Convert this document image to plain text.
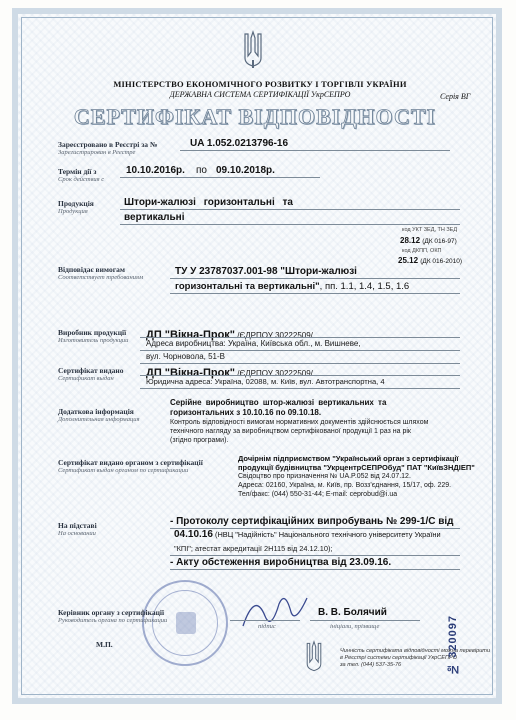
МІНІСТЕРСТВО ЕКОНОМІЧНОГО РОЗВИТКУ І ТОРГІВЛІ УКРАЇНИ
ДЕРЖАВНА СИСТЕМА СЕРТИФІКАЦІЇ УкрСЕПРО	Серія ВГ
СЕРТИФІКАТ ВІДПОВІДНОСТІ
Зареєстровано в Реєстрі за №
Зарегистрирован в Реестре
UA 1.052.0213796-16
Термін дії з
Срок действия с
10.10.2016р. по 09.10.2018р.
Продукція
Продукция
Штори-жалюзі горизонтальні та
вертикальні
код УКТ ЗЕД, ТН ЗЕД
28.12 (ДК 016-97)
код ДКПП, ОКП
25.12 (ДК 016-2010)
Відповідає вимогам
Соответствует требованиям
ТУ У 23787037.001-98 "Штори-жалюзі
горизонтальні та вертикальні", пп. 1.1, 1.4, 1.5, 1.6
Виробник продукції
Изготовитель продукции ДП "Вікна-Прок" /ЄДРПОУ 30222509/
Адреса виробництва: Україна, Київська обл., м. Вишневе,
вул. Чорновола, 51-В
Сертифікат видано
Сертификат выдан	ДП "Вікна-Прок" /ЄДРПОУ 30222509/
Юридична адреса: Україна, 02088, м. Київ, вул. Автотранспортна, 4
Додаткова інформація
Дополнительная информация
Серійне виробництво штор-жалюзі вертикальних та
горизонтальних з 10.10.16 по 09.10.18.
Контроль відповідності вимогам нормативних документів здійснюється шляхом
технічного нагляду за виробництвом сертифікованої продукції 1 раз на рік
(згідно програми).
Сертифікат видано органом з сертифікації
Сертификат выдан органом по сертификации
Дочірнім підприємством "Український орган з сертифікації
продукції будівництва "УкрцентрСЕПРОбуд" ПАТ "КиївЗНДІЕП"
Свідоцтво про призначення № UA.P.052 від 24.07.12.
Адреса: 02160, Україна, м. Київ, пр. Возз'єднання, 15/17, оф. 229.
Тел/факс: (044) 550-31-44; E-mail: ceprobud@i.ua
На підставі
На основании
- Протоколу сертифікаційних випробувань № 299-1/С від
04.10.16 (НВЦ "Надійність" Національного технічного університету України
"КПІ"; атестат акредитації 2Н115 від 24.12.10);
- Акту обстеження виробництва від 23.09.16.
Керівник органу з сертифікації
Руководитель органа по сертификации
В. В. Болячий
підпис	ініціали, прізвище
М.П.
Чинність сертифіката відповідності можна перевірити
в Реєстрі системи сертифікації УкрСЕПРО
за тел. (044) 537-35-76	№ 320097
